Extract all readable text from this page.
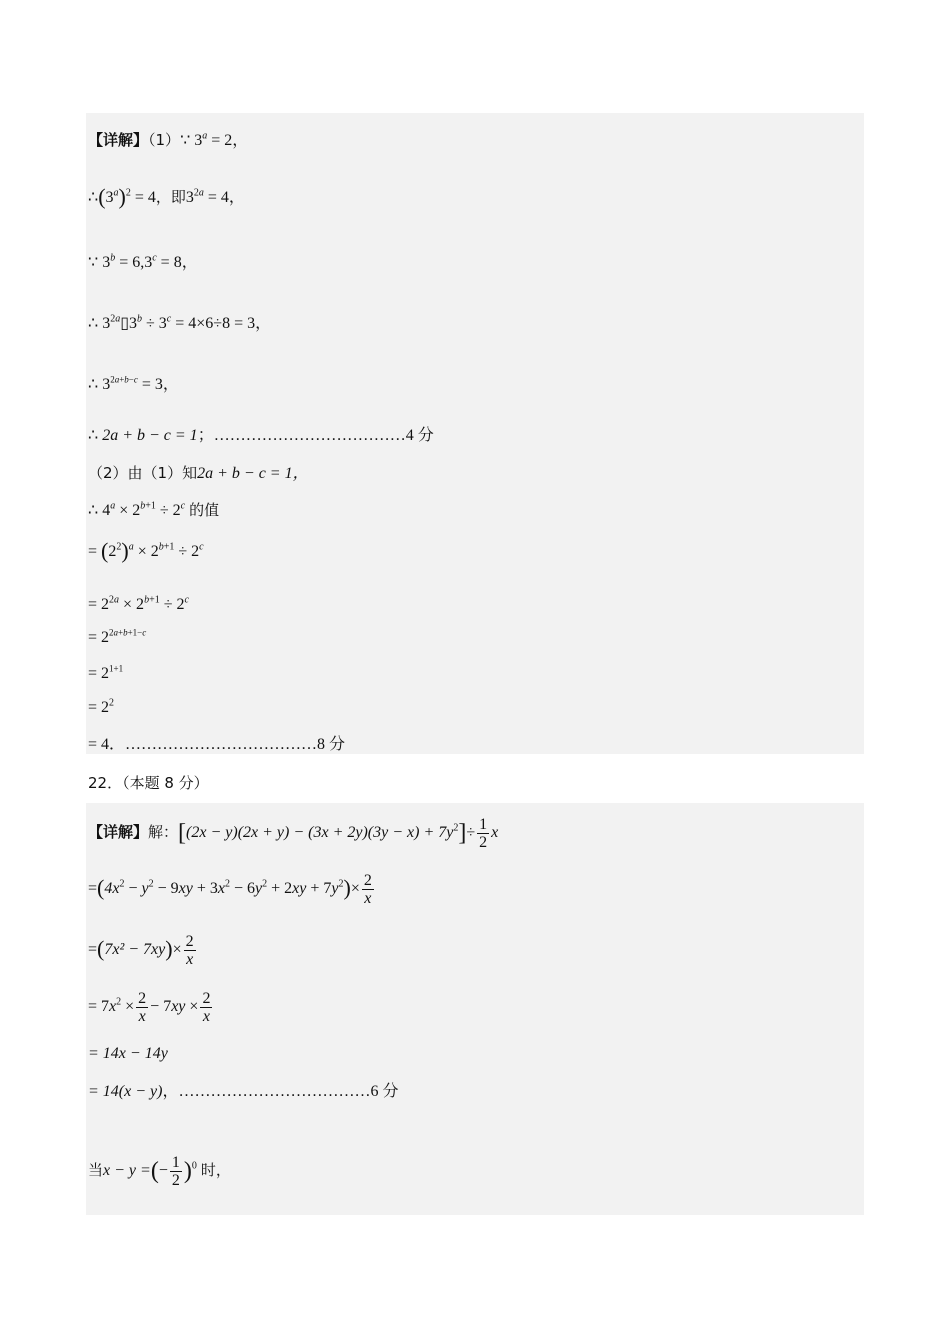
【详解】（1）∵ $3^a = 2$，
$\therefore(3^a)^2 = 4$，即$3^{2a} = 4$，
∵ $3^b = 6,3^c = 8$，
∴ $3^{2a}▯3^b \div 3^c = 4\times 6\div 8 = 3$，
∴ $3^{2a+b-c} = 3$，
∴ 2a + b − c = 1；………………………………4 分
（2）由（1）知2a + b − c = 1，
∴ $4^a \times 2^{b+1} \div 2^c$ 的值
= $(2^2)^a \times 2^{b+1} \div 2^c$
= $2^{2a} \times 2^{b+1} \div 2^c$
= $2^{2a+b+1-c}$
= $2^{1+1}$
= $2^2$
= 4．………………………………8 分
22．（本题 8 分）
【详解】解：$[(2x - y)(2x + y) - (3x + 2y)(3y - x) + 7y^2]\div \frac{1}{2}$ x
$=(4x^2 - y^2 - 9xy + 3x^2 - 6y^2 + 2xy + 7y^2)\times \frac{2}{x}$
$=(7x^2 - 7xy)\times \frac{2}{x}$
= $7x^2 \times \frac{2}{x} - 7xy \times \frac{2}{x}$
= 14x − 14y
= 14(x − y)，………………………………6 分
当x − y =(− $\frac{1}{2} )^0$ 时，
